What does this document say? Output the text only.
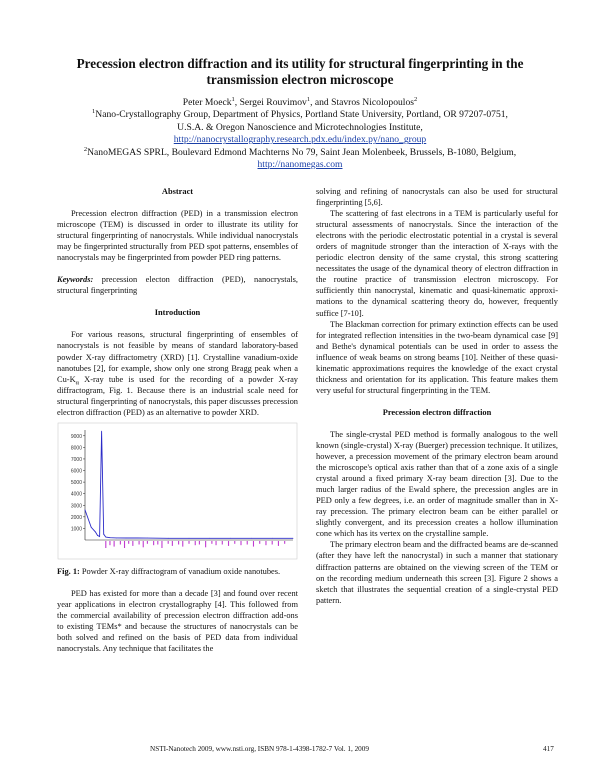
Precession electron diffraction and its utility for structural fingerprinting in the
transmission electron microscope
Peter Moeck$^1$, Sergei Rouvimov$^1$, and Stavros Nicolopoulos$^2$
$^1$Nano-Crystallography Group, Department of Physics, Portland State University, Portland, OR 97207-0751,
U.S.A. & Oregon Nanoscience and Microtechnologies Institute,
http://nanocrystallography.research.pdx.edu/index.py/nano_group
$^2$NanoMEGAS SPRL, Boulevard Edmond Machterns No 79, Saint Jean Molenbeek, Brussels, B-1080, Belgium,
http://nanomegas.com

Abstract

Precession electron diffraction (PED) in a transmission electron microscope (TEM) is discussed in order to illustrate its utility for structural fingerprinting of nanocrystals. While individual nanocrystals may be fingerprinted structurally from PED spot patterns, ensembles of nanocrystals may be fingerprinted from powder PED ring patterns.

Keywords: precession electon diffraction (PED), nanocrystals, structural fingerprinting

Introduction

For various reasons, structural fingerprinting of ensembles of nanocrystals is not feasible by means of standard laboratory-based powder X-ray diffractometry (XRD) [1]. Crystalline vanadium-oxide nanotubes [2], for example, show only one strong Bragg peak when a $Cu-K_\alpha$ X-ray tube is used for the recording of a powder X-ray diffractogram, Fig. 1. Because there is an industrial scale need for structural fingerprinting of nanocrystals, this paper discusses precession electron diffraction (PED) as an alternative to powder XRD.

9000
8000
7000
6000
5000
4000
3000
2000
1000

Fig. 1: Powder X-ray diffractogram of vanadium oxide nanotubes.

PED has existed for more than a decade [3] and found over recent year applications in electron crystallography [4]. This followed from the commercial availability of precession electron diffraction add-ons to existing TEMs* and because the structures of nanocrystals can be both solved and refined on the basis of PED data from individual nanocrystals. Any technique that facilitates the

solving and refining of nanocrystals can also be used for structural fingerprinting [5,6].

The scattering of fast electrons in a TEM is particularly useful for structural assessments of nanocrystals. Since the interaction of the electrons with the periodic electrostatic potential in a crystal is several orders of magnitude stronger than the interaction of X-rays with the periodic electron density of the same crystal, this strong scattering necessitates the usage of the dynamical theory of electron diffraction in the routine practice of transmission electron microscopy. For sufficiently thin nanocrystal, kinematic and quasi-kinematic approxi-mations to the dynamical scattering theory do, however, frequently suffice [7-10].

The Blackman correction for primary extinction effects can be used for integrated reflection intensities in the two-beam dynamical case [9] and Bethe's dynamical potentials can be used in order to assess the influence of weak beams on strong beams [10]. Neither of these quasi-kinematic approximations requires the knowledge of the exact crystal thickness and orientation for its application. This feature makes them very useful for structural fingerprinting in the TEM.

Precession electron diffraction

The single-crystal PED method is formally analogous to the well known (single-crystal) X-ray (Buerger) precession technique. It utilizes, however, a precession movement of the primary electron beam around the microscope's optical axis rather than that of a zone axis of a single crystal around a fixed primary X-ray beam direction [3]. Due to the much larger radius of the Ewald sphere, the precession angles are in PED only a few degrees, i.e. an order of magnitude smaller than in X-ray precession. The primary electron beam can be either parallel or slightly convergent, and its precession creates a hollow illumination cone which has its vertex on the crystalline sample.

The primary electron beam and the diffracted beams are de-scanned (after they have left the nanocrystal) in such a manner that stationary diffraction patterns are obtained on the viewing screen of the TEM or on the recording medium underneath this screen [3]. Figure 2 shows a sketch that illustrates the sequential creation of a single-crystal PED pattern.

NSTI-Nanotech 2009, www.nsti.org, ISBN 978-1-4398-1782-7 Vol. 1, 2009	417
